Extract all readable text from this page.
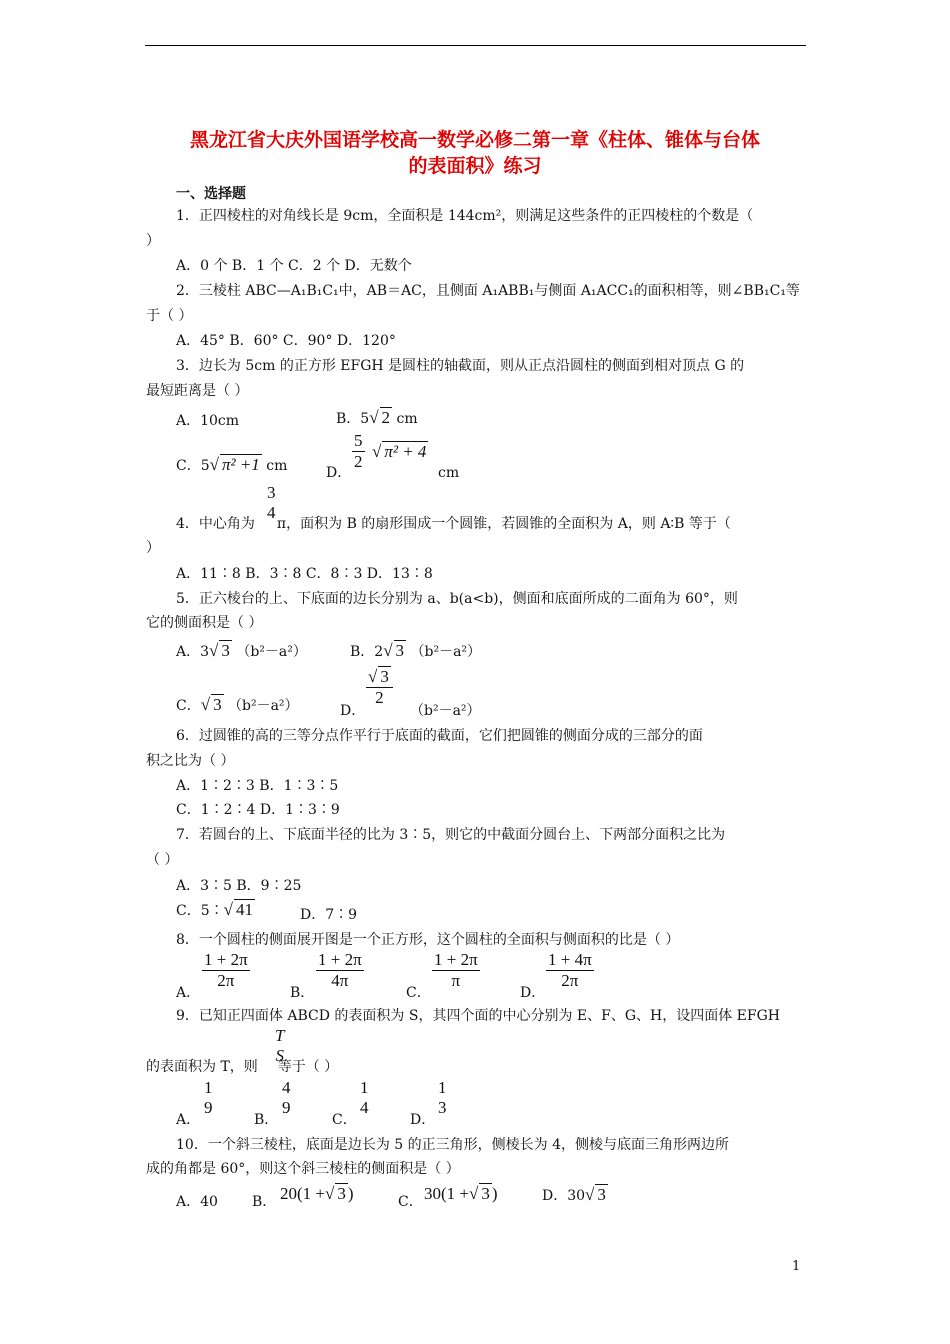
黑龙江省大庆外国语学校高一数学必修二第一章《柱体、锥体与台体
的表面积》练习
一、选择题
1．正四棱柱的对角线长是 9cm，全面积是 144cm²，则满足这些条件的正四棱柱的个数是（
）
A．0 个 B．1 个 C．2 个 D．无数个
2．三棱柱 ABC—A₁B₁C₁中，AB＝AC，且侧面 A₁ABB₁与侧面 A₁ACC₁的面积相等，则∠BB₁C₁等
于（ ）
A．45° B．60° C．90° D．120°
3．边长为 5cm 的正方形 EFGH 是圆柱的轴截面，则从正点沿圆柱的侧面到相对顶点 G 的
最短距离是（ ）
A．10cm	B．5√ 2 cm
C．5√ π² +1 cm	D．
$\frac{5}{2}$ √ π² + 4
cm
3
4
4．中心角为 π，面积为 B 的扇形围成一个圆锥，若圆锥的全面积为 A，则 A∶B 等于（
）
A．11∶8 B．3∶8 C．8∶3 D．13∶8
5．正六棱台的上、下底面的边长分别为 a、b(a<b)，侧面和底面所成的二面角为 60°，则
它的侧面积是（ ）
A．3√ 3 （b²－a²）	B．2√ 3 （b²－a²）
C．√ 3 （b²－a²）	D．
$\frac{√ 3}{2}$
（b²－a²）
6．过圆锥的高的三等分点作平行于底面的截面，它们把圆锥的侧面分成的三部分的面
积之比为（ ）
A．1∶2∶3 B．1∶3∶5
C．1∶2∶4 D．1∶3∶9
7．若圆台的上、下底面半径的比为 3∶5，则它的中截面分圆台上、下两部分面积之比为
（ ）
A．3∶5 B．9∶25
C．5∶√ 41	D．7∶9
8．一个圆柱的侧面展开图是一个正方形，这个圆柱的全面积与侧面积的比是（ ）
A．
$\frac{1 + 2\pi}{2\pi}$
B．
$\frac{1 + 2\pi}{4\pi}$
C．
$\frac{1 + 2\pi}{\pi}$
D．
$\frac{1 + 4\pi}{2\pi}$
9．已知正四面体 ABCD 的表面积为 S，其四个面的中心分别为 E、F、G、H，设四面体 EFGH
T
S
的表面积为 T，则 等于（ ）
A．
1
9
B．
4
9
C．
1
4
D．
1
3
10．一个斜三棱柱，底面是边长为 5 的正三角形，侧棱长为 4，侧棱与底面三角形两边所
成的角都是 60°，则这个斜三棱柱的侧面积是（ ）
A．40 B． 20(1 +√ 3 )	C． 30(1 +√ 3 )	D．30√ 3
1
